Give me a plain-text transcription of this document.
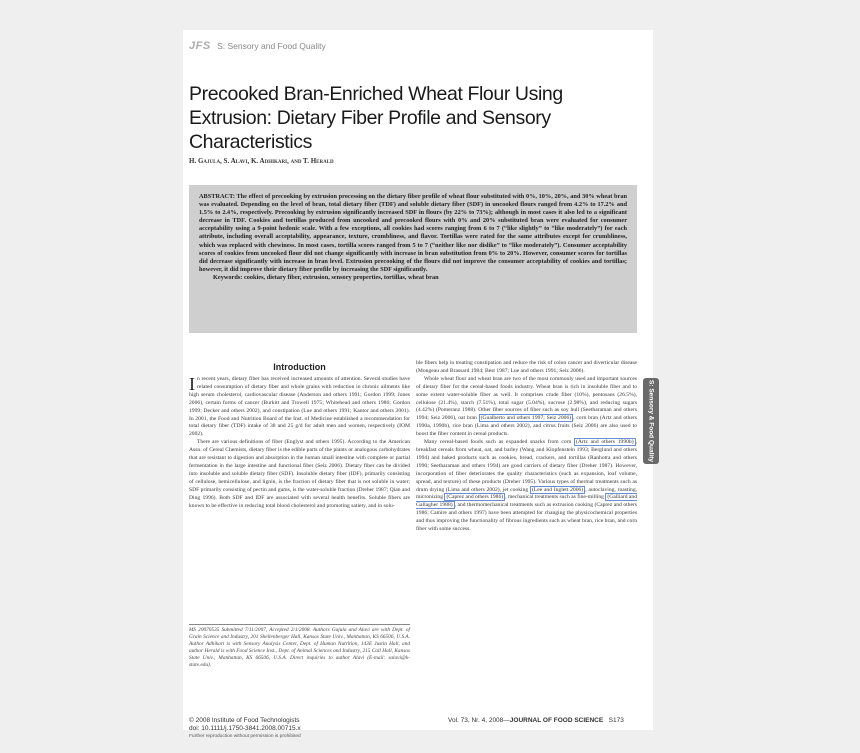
JFS S: Sensory and Food Quality
Precooked Bran-Enriched Wheat Flour Using Extrusion: Dietary Fiber Profile and Sensory Characteristics
H. Gajula, S. Alavi, K. Adhikari, and T. Herald
ABSTRACT: The effect of precooking by extrusion processing on the dietary fiber profile of wheat flour substituted with 0%, 10%, 20%, and 30% wheat bran was evaluated. Depending on the level of bran, total dietary fiber (TDF) and soluble dietary fiber (SDF) in uncooked flours ranged from 4.2% to 17.2% and 1.5% to 2.4%, respectively. Precooking by extrusion significantly increased SDF in flours (by 22% to 73%); although in most cases it also led to a significant decrease in TDF. Cookies and tortillas produced from uncooked and precooked flours with 0% and 20% substituted bran were evaluated for consumer acceptability using a 9-point hedonic scale. With a few exceptions, all cookies had scores ranging from 6 to 7 (“like slightly” to “like moderately”) for each attribute, including overall acceptability, appearance, texture, crumbliness, and flavor. Tortillas were rated for the same attributes except for crumbliness, which was replaced with chewiness. In most cases, tortilla scores ranged from 5 to 7 (“neither like nor dislike” to “like moderately”). Consumer acceptability scores of cookies from uncooked flour did not change significantly with increase in bran substitution from 0% to 20%. However, consumer scores for tortillas did decrease significantly with increase in bran level. Extrusion precooking of the flours did not improve the consumer acceptability of cookies and tortillas; however, it did improve their dietary fiber profile by increasing the SDF significantly.
Keywords: cookies, dietary fiber, extrusion, sensory properties, tortillas, wheat bran
Introduction

In recent years, dietary fiber has received increased amounts of attention. Several studies have related consumption of dietary fiber and whole grains with reduction in chronic ailments like high serum cholesterol, cardiovascular disease (Anderson and others 1991; Gordon 1999; Jones 2006), certain forms of cancer (Burkitt and Trowell 1975; Whitehead and others 1986; Gordon 1999; Decker and others 2002), and constipation (Lue and others 1991; Kantor and others 2001). In 2001, the Food and Nutrition Board of the Inst. of Medicine established a recommendation for total dietary fiber (TDF) intake of 38 and 25 g/d for adult men and women, respectively (IOM 2002).

There are various definitions of fiber (Englyst and others 1995). According to the American Assn. of Cereal Chemists, dietary fiber is the edible parts of the plants or analogous carbohydrates that are resistant to digestion and absorption in the human small intestine with complete or partial fermentation in the large intestine and functional fiber (Seiz 2006). Dietary fiber can be divided into insoluble and soluble dietary fiber (SDF). Insoluble dietary fiber (IDF), primarily consisting of cellulose, hemicellulose, and lignin, is the fraction of dietary fiber that is not soluble in water; SDF primarily consisting of pectin and gums, is the water-soluble fraction (Dreher 1987; Qian and Ding 1996). Both SDF and IDF are associated with several health benefits. Soluble fibers are known to be effective in reducing total blood cholesterol and promoting satiety, and in solu-

ble fibers help in treating constipation and reduce the risk of colon cancer and diverticular disease (Mongeau and Brassard 1984; Best 1987; Lue and others 1991; Seiz 2006).

Whole wheat flour and wheat bran are two of the most commonly used and important sources of dietary fiber for the cereal-based foods industry. Wheat bran is rich in insoluble fiber and to some extent water-soluble fiber as well. It comprises crude fiber (10%), pentosans (26.5%), cellulose (21.4%), starch (7.51%), total sugar (5.04%), sucrose (2.98%), and reducing sugars (4.42%) (Pomeranz 1988). Other fiber sources of fiber such as soy hull (Seetharaman and others 1994; Seiz 2006), oat bran (Gualberto and others 1997; Seiz 2006) , corn bran (Artz and others 1990a, 1990b), rice bran (Lima and others 2002), and citrus fruits (Seiz 2006) are also used to boost the fiber content in cereal products.

Many cereal-based foods such as expanded snacks from corn (Artz and others 1990b) , breakfast cereals from wheat, oat, and barley (Wang and Klopfenstein 1993; Berglund and others 1994) and baked products such as cookies, bread, crackers, and tortillas (Ranhotra and others 1990; Seetharaman and others 1994) are good carriers of dietary fiber (Dreher 1987). However, incorporation of fiber deteriorates the quality characteristics (such as expansion, loaf volume, spread, and texture) of these products (Dreher 1995). Various types of thermal treatments such as drum drying (Lima and others 2002), jet cooking (Lee and Inglett 2006) , autoclaving, roasting, micronizing (Caprez and others 1986) , mechanical treatments such as fine-milling (Galliard and Gallagher 1988) , and thermomechanical treatments such as extrusion cooking (Caprez and others 1986; Camire and others 1997) have been attempted for changing the physicochemical properties and thus improving the functionality of fibrous ingredients such as wheat bran, rice bran, and corn fiber with some success.

MS 20070535 Submitted 7/11/2007, Accepted 2/1/2008. Authors Gajula and Alavi are with Dept. of Grain Science and Industry, 201 Shellenberger Hall, Kansas State Univ., Manhattan, KS 66506, U.S.A. Author Adhikari is with Sensory Analysis Center, Dept. of Human Nutrition, 143E Justin Hall, and author Herald is with Food Science Inst., Dept. of Animal Sciences and Industry, 215 Call Hall, Kansas State Univ., Manhattan, KS 66506, U.S.A. Direct inquiries to author Alavi (E-mail: salavi@k-state.edu).
S: Sensory & Food Quality
© 2008 Institute of Food Technologists
doi: 10.1111/j.1750-3841.2008.00715.x
Further reproduction without permission is prohibited
Vol. 73, Nr. 4, 2008—JOURNAL OF FOOD SCIENCE S173
